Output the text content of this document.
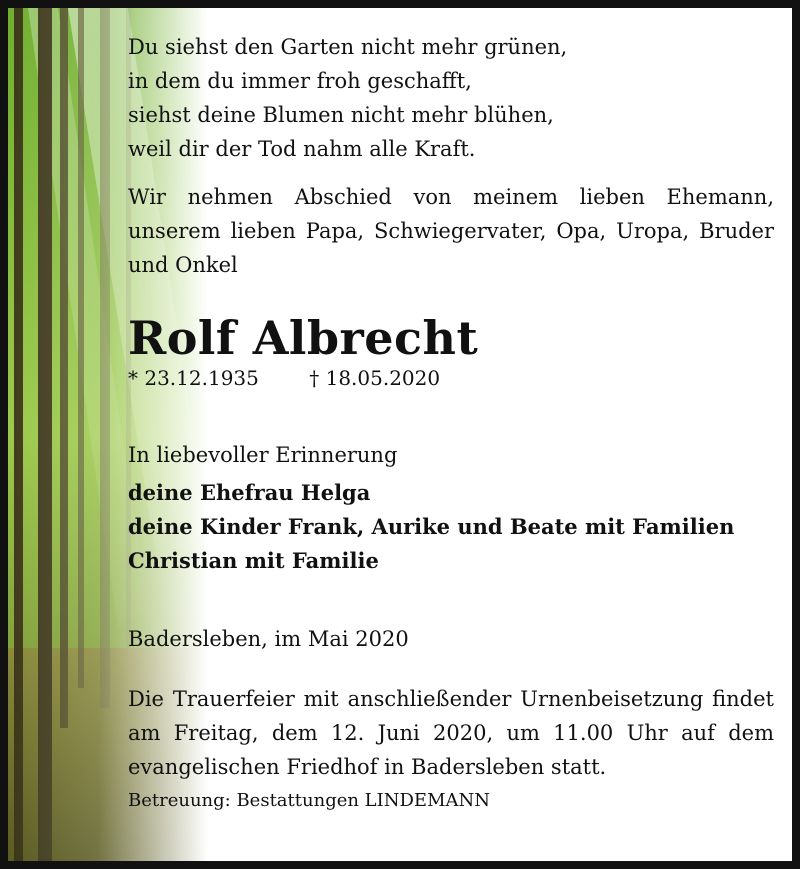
Du siehst den Garten nicht mehr grünen,
in dem du immer froh geschafft,
siehst deine Blumen nicht mehr blühen,
weil dir der Tod nahm alle Kraft.
Wir nehmen Abschied von meinem lieben Ehemann, unserem lieben Papa, Schwiegervater, Opa, Uropa, Bruder und Onkel
Rolf Albrecht
* 23.12.1935	† 18.05.2020
In liebevoller Erinnerung
deine Ehefrau Helga
deine Kinder Frank, Aurike und Beate mit Familien
Christian mit Familie
Badersleben, im Mai 2020
Die Trauerfeier mit anschließender Urnenbeisetzung findet am Freitag, dem 12. Juni 2020, um 11.00 Uhr auf dem evangelischen Friedhof in Badersleben statt.
Betreuung: Bestattungen LINDEMANN
